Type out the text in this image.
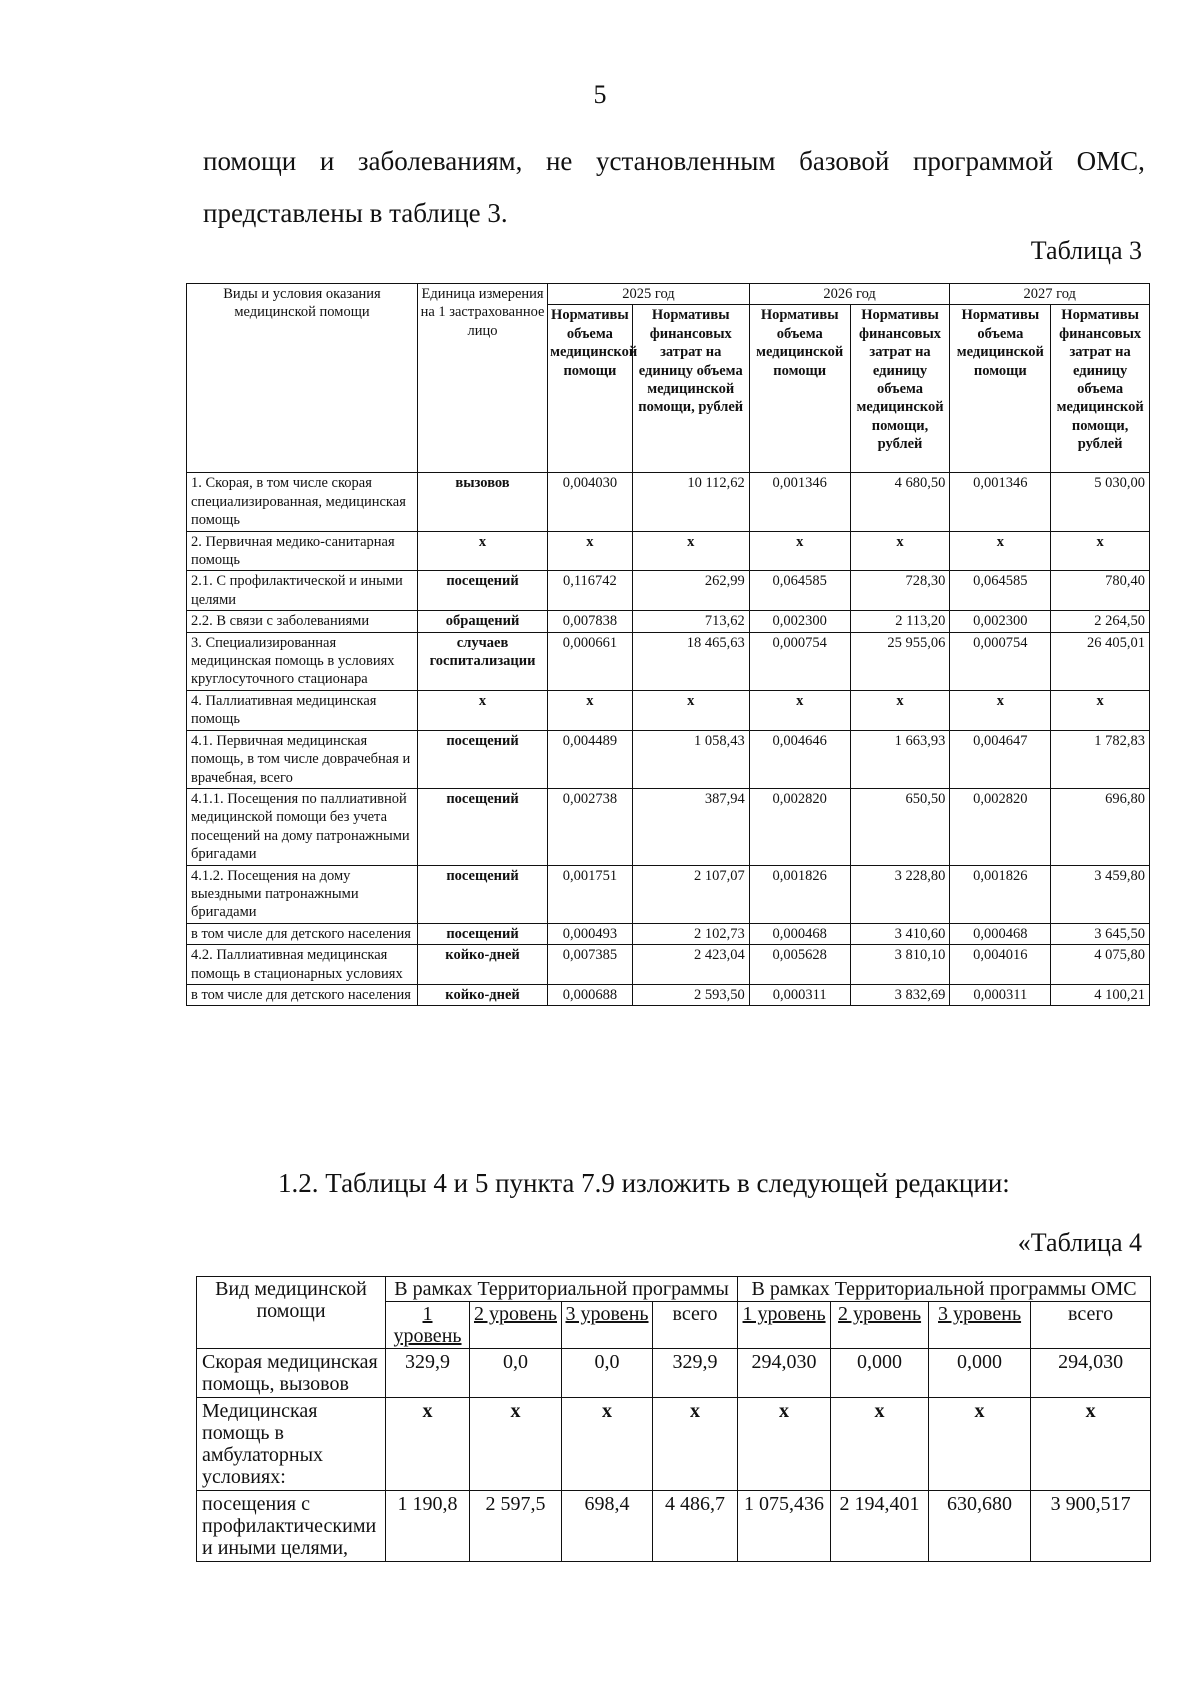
5
помощи и заболеваниям, не установленным базовой программой ОМС,
представлены в таблице 3.
Таблица 3
Виды и условия оказания медицинской помощи	Единица измерения на 1 застрахованное лицо	2025 год		2026 год		2027 год	
		Нормативы объема медицинской помощи	Нормативы финансовых затрат на единицу объема медицинской помощи, рублей	Нормативы объема медицинской помощи	Нормативы финансовых затрат на единицу объема медицинской помощи, рублей	Нормативы объема медицинской помощи	Нормативы финансовых затрат на единицу объема медицинской помощи, рублей
1. Скорая, в том числе скорая специализированная, медицинская помощь	вызовов	0,004030	10 112,62	0,001346	4 680,50	0,001346	5 030,00
2. Первичная медико-санитарная помощь	x	x	x	x	x	x	x
2.1. С профилактической и иными целями	посещений	0,116742	262,99	0,064585	728,30	0,064585	780,40
2.2. В связи с заболеваниями	обращений	0,007838	713,62	0,002300	2 113,20	0,002300	2 264,50
3. Специализированная медицинская помощь в условиях круглосуточного стационара	случаев госпитализации	0,000661	18 465,63	0,000754	25 955,06	0,000754	26 405,01
4. Паллиативная медицинская помощь	x	x	x	x	x	x	x
4.1. Первичная медицинская помощь, в том числе доврачебная и врачебная, всего	посещений	0,004489	1 058,43	0,004646	1 663,93	0,004647	1 782,83
4.1.1. Посещения по паллиативной медицинской помощи без учета посещений на дому патронажными бригадами	посещений	0,002738	387,94	0,002820	650,50	0,002820	696,80
4.1.2. Посещения на дому выездными патронажными бригадами	посещений	0,001751	2 107,07	0,001826	3 228,80	0,001826	3 459,80
в том числе для детского населения	посещений	0,000493	2 102,73	0,000468	3 410,60	0,000468	3 645,50
4.2. Паллиативная медицинская помощь в стационарных условиях	койко-дней	0,007385	2 423,04	0,005628	3 810,10	0,004016	4 075,80
в том числе для детского населения	койко-дней	0,000688	2 593,50	0,000311	3 832,69	0,000311	4 100,21
1.2. Таблицы 4 и 5 пункта 7.9 изложить в следующей редакции:
«Таблица 4
Вид медицинской помощи	В рамках Территориальной программы				В рамках Территориальной программы ОМС			
	1 уровень	2 уровень	3 уровень	всего	1 уровень	2 уровень	3 уровень	всего
Скорая медицинская помощь, вызовов	329,9	0,0	0,0	329,9	294,030	0,000	0,000	294,030
Медицинская помощь в амбулаторных условиях:	x	x	x	x	x	x	x	x
посещения с профилактическими и иными целями,	1 190,8	2 597,5	698,4	4 486,7	1 075,436	2 194,401	630,680	3 900,517
